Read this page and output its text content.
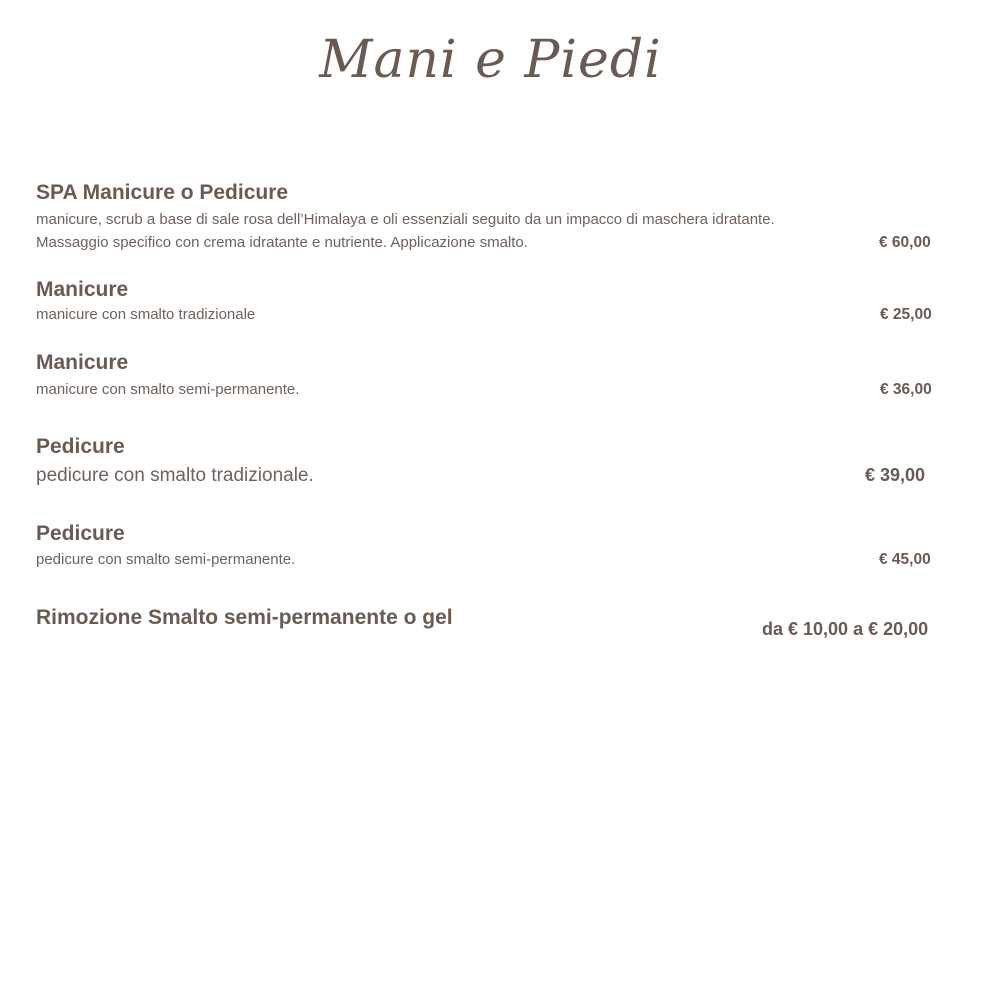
Mani e Piedi
SPA Manicure o Pedicure
manicure, scrub a base di sale rosa dell’Himalaya e oli essenziali seguito da un impacco di maschera idratante.
Massaggio specifico con crema idratante e nutriente. Applicazione smalto.	€ 60,00
Manicure
manicure con smalto tradizionale	€ 25,00
Manicure
manicure con smalto semi-permanente.	€ 36,00
Pedicure
pedicure con smalto tradizionale.	€ 39,00
Pedicure
pedicure con smalto semi-permanente.	€ 45,00
Rimozione Smalto semi-permanente o gel	da € 10,00 a € 20,00
